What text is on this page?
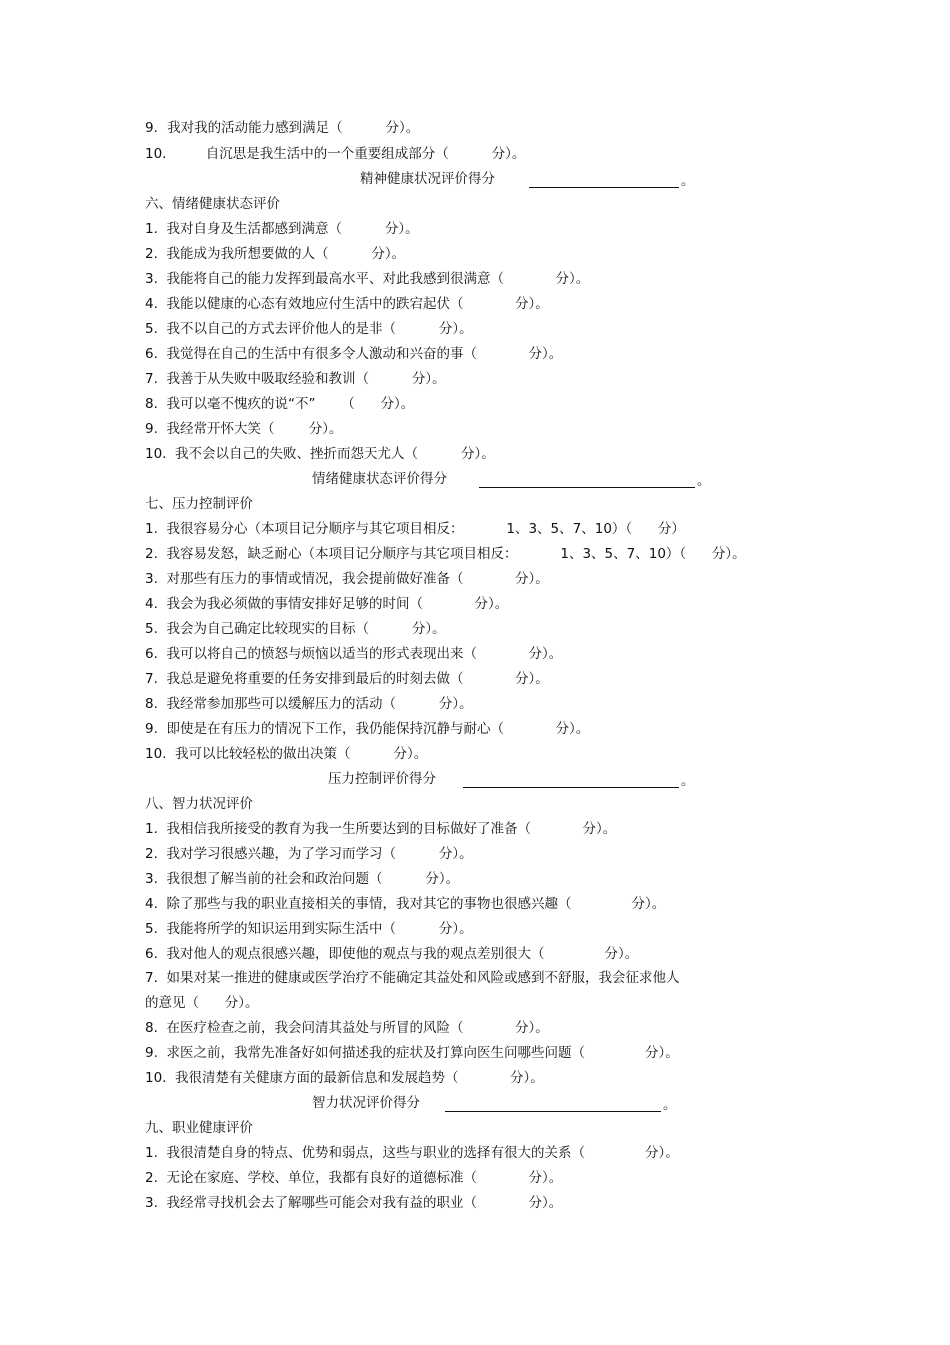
9．我对我的活动能力感到满足（          分）。
10．       自沉思是我生活中的一个重要组成部分（          分）。
精神健康状况评价得分	。
六、情绪健康状态评价
1.  我对自身及生活都感到满意（          分）。
2.  我能成为我所想要做的人（          分）。
3.  我能将自己的能力发挥到最高水平、对此我感到很满意（            分）。
4.  我能以健康的心态有效地应付生活中的跌宕起伏（            分）。
5.  我不以自己的方式去评价他人的是非（          分）。
6.  我觉得在自己的生活中有很多令人激动和兴奋的事（            分）。
7.  我善于从失败中吸取经验和教训（          分）。
8.  我可以毫不愧疚的说“不”      （      分）。
9.  我经常开怀大笑（        分）。
10.  我不会以自己的失败、挫折而怨天尤人（          分）。
情绪健康状态评价得分	。
七、压力控制评价
1.  我很容易分心（本项目记分顺序与其它项目相反：          1、3、5、7、10）（      分）
2.  我容易发怒，缺乏耐心（本项目记分顺序与其它项目相反：          1、3、5、7、10）（      分）。
3.  对那些有压力的事情或情况，我会提前做好准备（            分）。
4.  我会为我必须做的事情安排好足够的时间（            分）。
5.  我会为自己确定比较现实的目标（          分）。
6.  我可以将自己的愤怒与烦恼以适当的形式表现出来（            分）。
7.  我总是避免将重要的任务安排到最后的时刻去做（            分）。
8.  我经常参加那些可以缓解压力的活动（          分）。
9.  即使是在有压力的情况下工作，我仍能保持沉静与耐心（            分）。
10.  我可以比较轻松的做出决策（          分）。
压力控制评价得分	。
八、智力状况评价
1.  我相信我所接受的教育为我一生所要达到的目标做好了准备（            分）。
2.  我对学习很感兴趣，为了学习而学习（          分）。
3.  我很想了解当前的社会和政治问题（          分）。
4.  除了那些与我的职业直接相关的事情，我对其它的事物也很感兴趣（              分）。
5.  我能将所学的知识运用到实际生活中（          分）。
6.  我对他人的观点很感兴趣，即使他的观点与我的观点差别很大（              分）。
7.  如果对某一推进的健康或医学治疗不能确定其益处和风险或感到不舒服，我会征求他人
的意见（      分）。
8.  在医疗检查之前，我会问清其益处与所冒的风险（            分）。
9.  求医之前，我常先准备好如何描述我的症状及打算向医生问哪些问题（              分）。
10.  我很清楚有关健康方面的最新信息和发展趋势（            分）。
智力状况评价得分	。
九、职业健康评价
1.  我很清楚自身的特点、优势和弱点，这些与职业的选择有很大的关系（              分）。
2.  无论在家庭、学校、单位，我都有良好的道德标准（            分）。
3.  我经常寻找机会去了解哪些可能会对我有益的职业（            分）。
